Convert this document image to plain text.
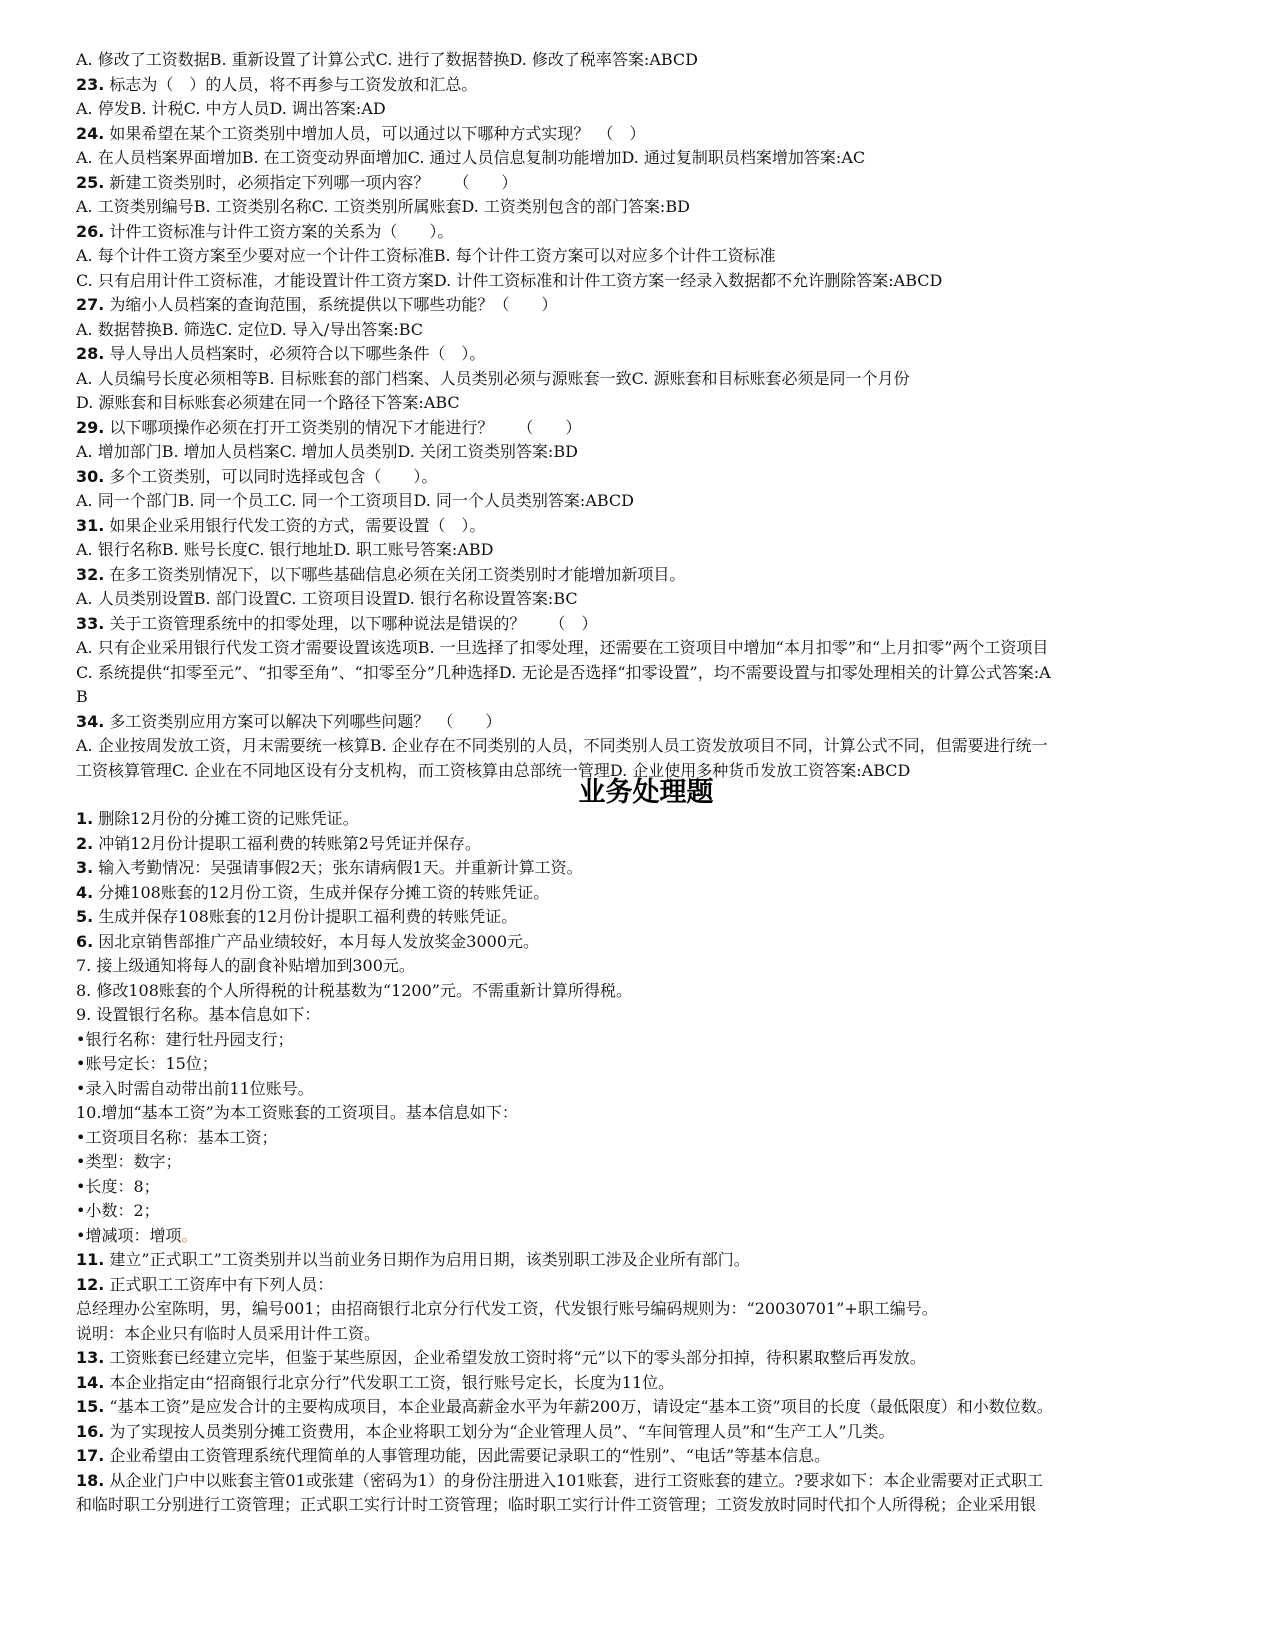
A. 修改了工资数据B. 重新设置了计算公式C. 进行了数据替换D. 修改了税率答案:ABCD
23. 标志为（　）的人员，将不再参与工资发放和汇总。
A. 停发B. 计税C. 中方人员D. 调出答案:AD
24. 如果希望在某个工资类别中增加人员，可以通过以下哪种方式实现？　（　）
A. 在人员档案界面增加B. 在工资变动界面增加C. 通过人员信息复制功能增加D. 通过复制职员档案增加答案:AC
25. 新建工资类别时，必须指定下列哪一项内容？　　（　　）
A. 工资类别编号B. 工资类别名称C. 工资类别所属账套D. 工资类别包含的部门答案:BD
26. 计件工资标准与计件工资方案的关系为（　　）。
A. 每个计件工资方案至少要对应一个计件工资标准B. 每个计件工资方案可以对应多个计件工资标准
C. 只有启用计件工资标准，才能设置计件工资方案D. 计件工资标准和计件工资方案一经录入数据都不允许删除答案:ABCD
27. 为缩小人员档案的查询范围，系统提供以下哪些功能？（　　）
A. 数据替换B. 筛选C. 定位D. 导入/导出答案:BC
28. 导人导出人员档案时，必须符合以下哪些条件（　）。
A. 人员编号长度必须相等B. 目标账套的部门档案、人员类别必须与源账套一致C. 源账套和目标账套必须是同一个月份
D. 源账套和目标账套必须建在同一个路径下答案:ABC
29. 以下哪项操作必须在打开工资类别的情况下才能进行？　　（　　）
A. 增加部门B. 增加人员档案C. 增加人员类别D. 关闭工资类别答案:BD
30. 多个工资类别，可以同时选择或包含（　　）。
A. 同一个部门B. 同一个员工C. 同一个工资项目D. 同一个人员类别答案:ABCD
31. 如果企业采用银行代发工资的方式，需要设置（　）。
A. 银行名称B. 账号长度C. 银行地址D. 职工账号答案:ABD
32. 在多工资类别情况下，以下哪些基础信息必须在关闭工资类别时才能增加新项目。
A. 人员类别设置B. 部门设置C. 工资项目设置D. 银行名称设置答案:BC
33. 关于工资管理系统中的扣零处理，以下哪种说法是错误的？　　（　）
A. 只有企业采用银行代发工资才需要设置该选项B. 一旦选择了扣零处理，还需要在工资项目中增加“本月扣零”和“上月扣零”两个工资项目
C. 系统提供“扣零至元”、“扣零至角”、“扣零至分”几种选择D. 无论是否选择“扣零设置”，均不需要设置与扣零处理相关的计算公式答案:A
B
34. 多工资类别应用方案可以解决下列哪些问题？　（　　）
A. 企业按周发放工资，月末需要统一核算B. 企业存在不同类别的人员，不同类别人员工资发放项目不同，计算公式不同，但需要进行统一
工资核算管理C. 企业在不同地区设有分支机构，而工资核算由总部统一管理D. 企业使用多种货币发放工资答案:ABCD
业务处理题
1. 删除12月份的分摊工资的记账凭证。
2. 冲销12月份计提职工福利费的转账第2号凭证并保存。
3. 输入考勤情况：吴强请事假2天；张东请病假1天。并重新计算工资。
4. 分摊108账套的12月份工资，生成并保存分摊工资的转账凭证。
5. 生成并保存108账套的12月份计提职工福利费的转账凭证。
6. 因北京销售部推广产品业绩较好，本月每人发放奖金3000元。
7. 接上级通知将每人的副食补贴增加到300元。
8. 修改108账套的个人所得税的计税基数为“1200”元。不需重新计算所得税。
9. 设置银行名称。基本信息如下：
•银行名称：建行牡丹园支行；
•账号定长：15位；
•录入时需自动带出前11位账号。
10.增加“基本工资”为本工资账套的工资项目。基本信息如下：
•工资项目名称：基本工资；
•类型：数字；
•长度：8；
•小数：2；
•增减项：增项。
11. 建立”正式职工”工资类别并以当前业务日期作为启用日期，该类别职工涉及企业所有部门。
12. 正式职工工资库中有下列人员：
总经理办公室陈明，男，编号001；由招商银行北京分行代发工资，代发银行账号编码规则为：“20030701”+职工编号。
说明：本企业只有临时人员采用计件工资。
13. 工资账套已经建立完毕，但鉴于某些原因，企业希望发放工资时将“元”以下的零头部分扣掉，待积累取整后再发放。
14. 本企业指定由“招商银行北京分行”代发职工工资，银行账号定长，长度为11位。
15. “基本工资”是应发合计的主要构成项目，本企业最高薪金水平为年薪200万，请设定“基本工资”项目的长度（最低限度）和小数位数。
16. 为了实现按人员类别分摊工资费用，本企业将职工划分为“企业管理人员”、“车间管理人员”和“生产工人”几类。
17. 企业希望由工资管理系统代理简单的人事管理功能，因此需要记录职工的“性别”、“电话”等基本信息。
18. 从企业门户中以账套主管01或张建（密码为1）的身份注册进入101账套，进行工资账套的建立。?要求如下：本企业需要对正式职工
和临时职工分别进行工资管理；正式职工实行计时工资管理；临时职工实行计件工资管理；工资发放时同时代扣个人所得税；企业采用银
